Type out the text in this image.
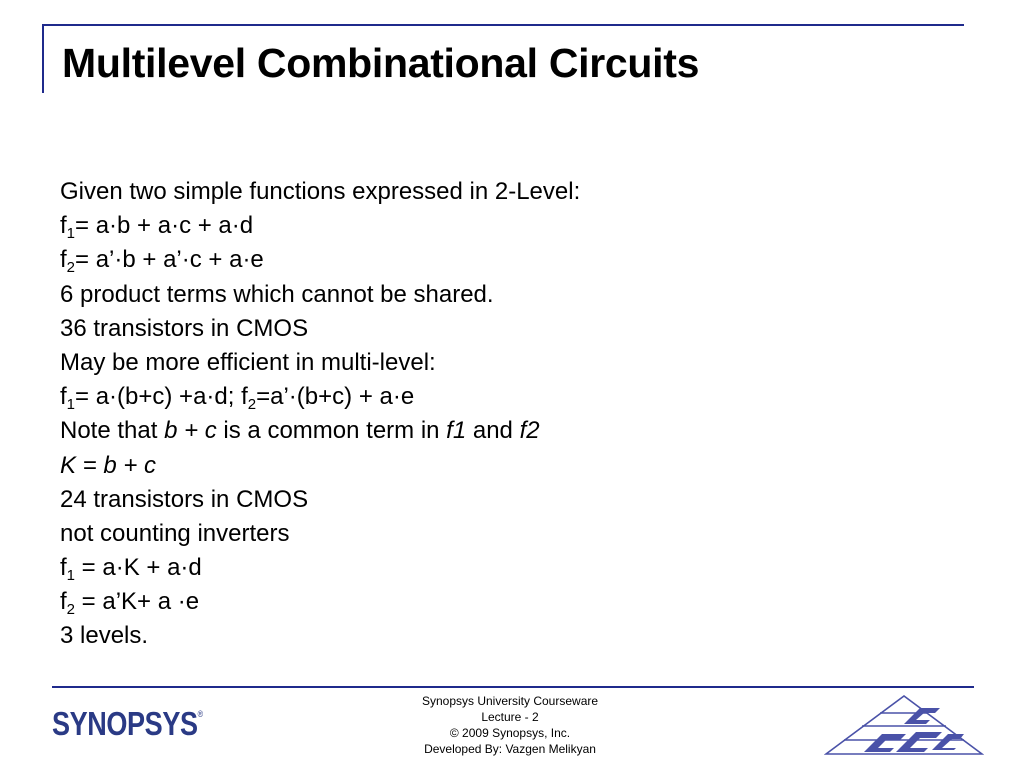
Multilevel Combinational Circuits
Given two simple functions expressed in 2-Level:
$f_1= a\cdot b + a\cdot c + a\cdot d$
$f_2=$ a’·b + a’·c + a·e
6 product terms which cannot be shared.
36 transistors in CMOS
May be more efficient in multi-level:
$f_1= a\cdot(b+c) +a\cdot d$; $f_2=a’\cdot(b+c) + a\cdot e$
Note that b + c is a common term in f1 and f2
K = b + c
24 transistors in CMOS
not counting inverters
$f_1 = a\cdot K + a\cdot d$
$f_2$ = a’K+ a ·e
3 levels.
SYNOPSYS®
Synopsys University Courseware
Lecture - 2
© 2009 Synopsys, Inc.
Developed By: Vazgen Melikyan
